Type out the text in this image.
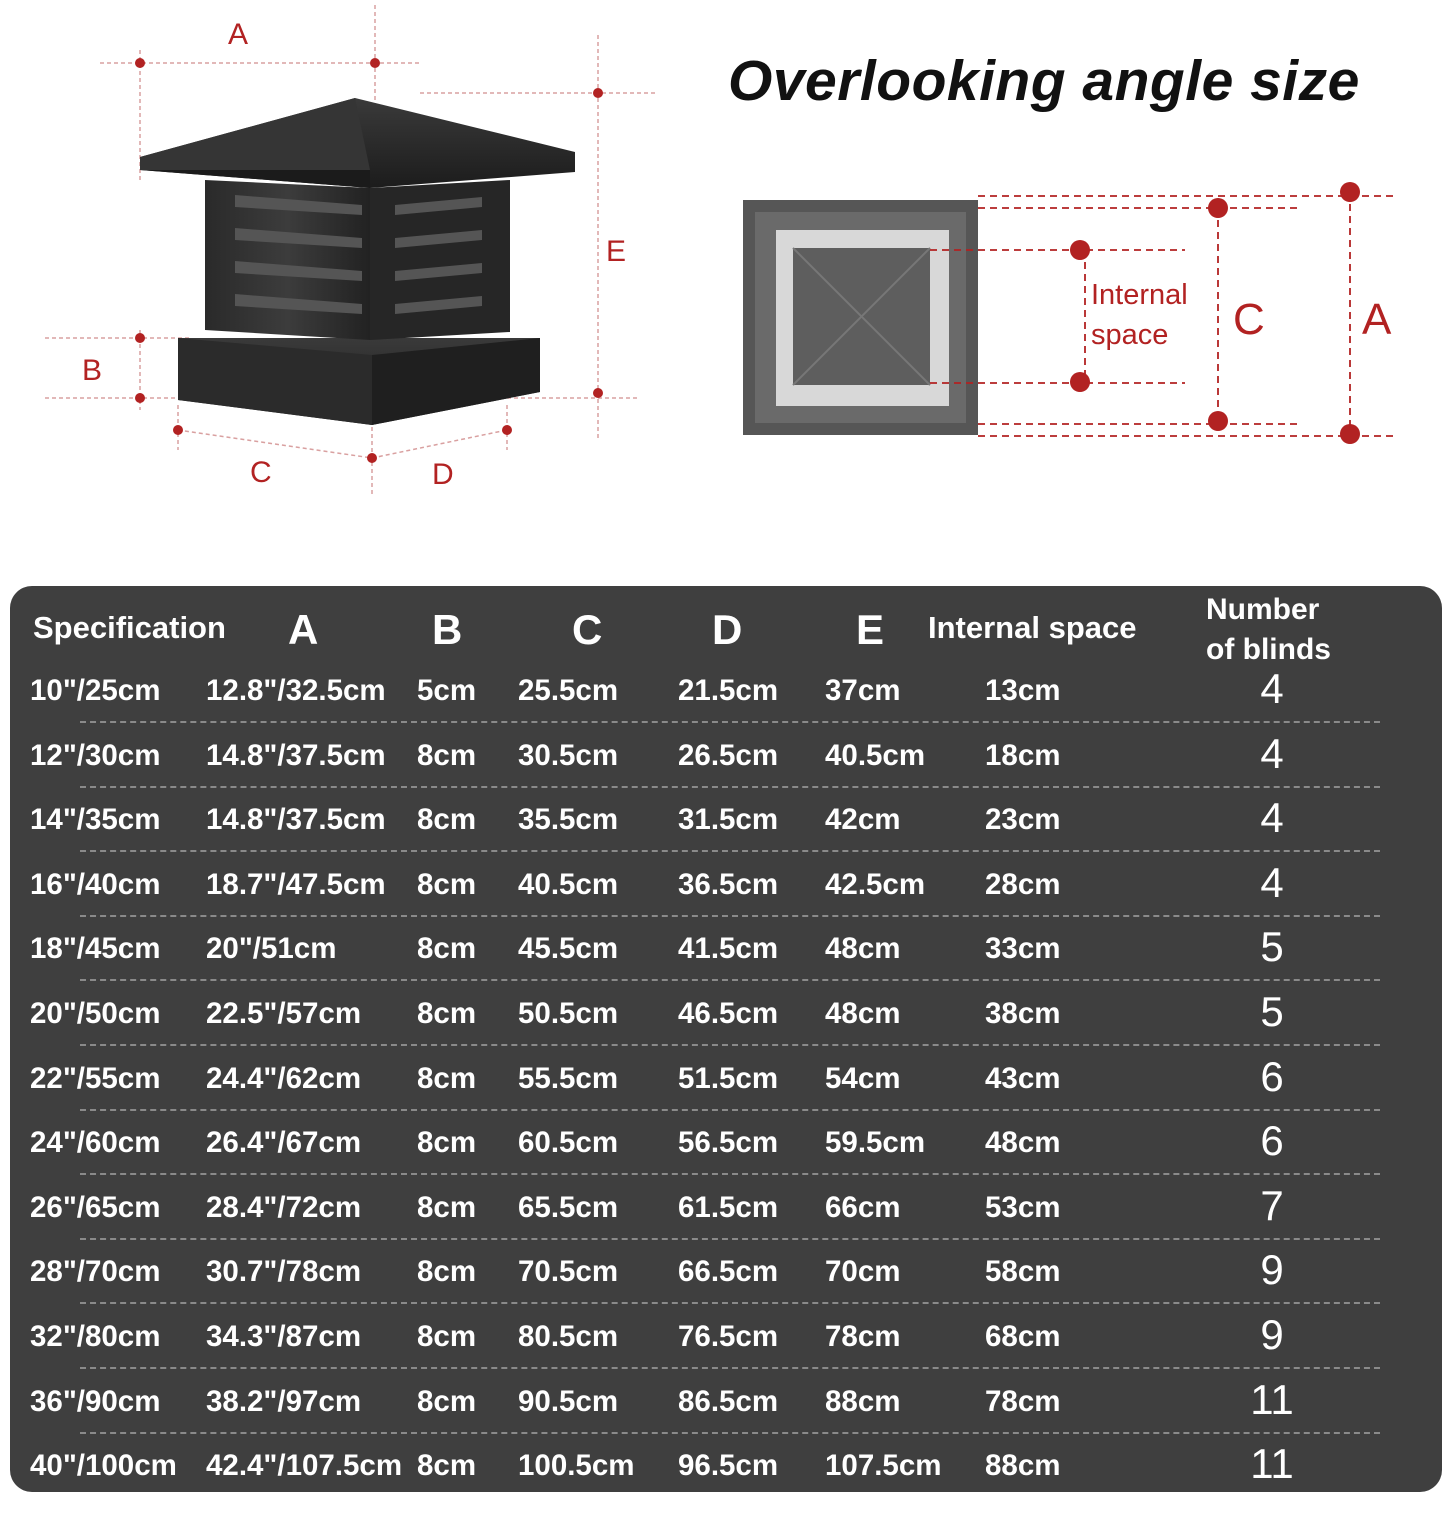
A
E
B
C	D
Internal
space C A
Overlooking angle size
Specification A	B	C	D	E Internal space
Number
of blinds
10"/25cm 12.8"/32.5cm 5cm 25.5cm 21.5cm 37cm	13cm	4
12"/30cm 14.8"/37.5cm 8cm 30.5cm 26.5cm 40.5cm 18cm	4
14"/35cm 14.8"/37.5cm 8cm 35.5cm 31.5cm 42cm	23cm	4
16"/40cm 18.7"/47.5cm 8cm 40.5cm 36.5cm 42.5cm 28cm	4
18"/45cm 20"/51cm	8cm 45.5cm 41.5cm 48cm	33cm	5
20"/50cm 22.5"/57cm 8cm 50.5cm 46.5cm 48cm	38cm	5
22"/55cm 24.4"/62cm 8cm 55.5cm 51.5cm 54cm	43cm	6
24"/60cm 26.4"/67cm 8cm 60.5cm 56.5cm 59.5cm 48cm	6
26"/65cm 28.4"/72cm 8cm 65.5cm 61.5cm 66cm	53cm	7
28"/70cm 30.7"/78cm 8cm 70.5cm 66.5cm 70cm	58cm	9
32"/80cm 34.3"/87cm 8cm 80.5cm 76.5cm 78cm	68cm	9
36"/90cm 38.2"/97cm 8cm 90.5cm 86.5cm 88cm	78cm	11
40"/100cm 42.4"/107.5cm 8cm 100.5cm 96.5cm 107.5cm 88cm	11
